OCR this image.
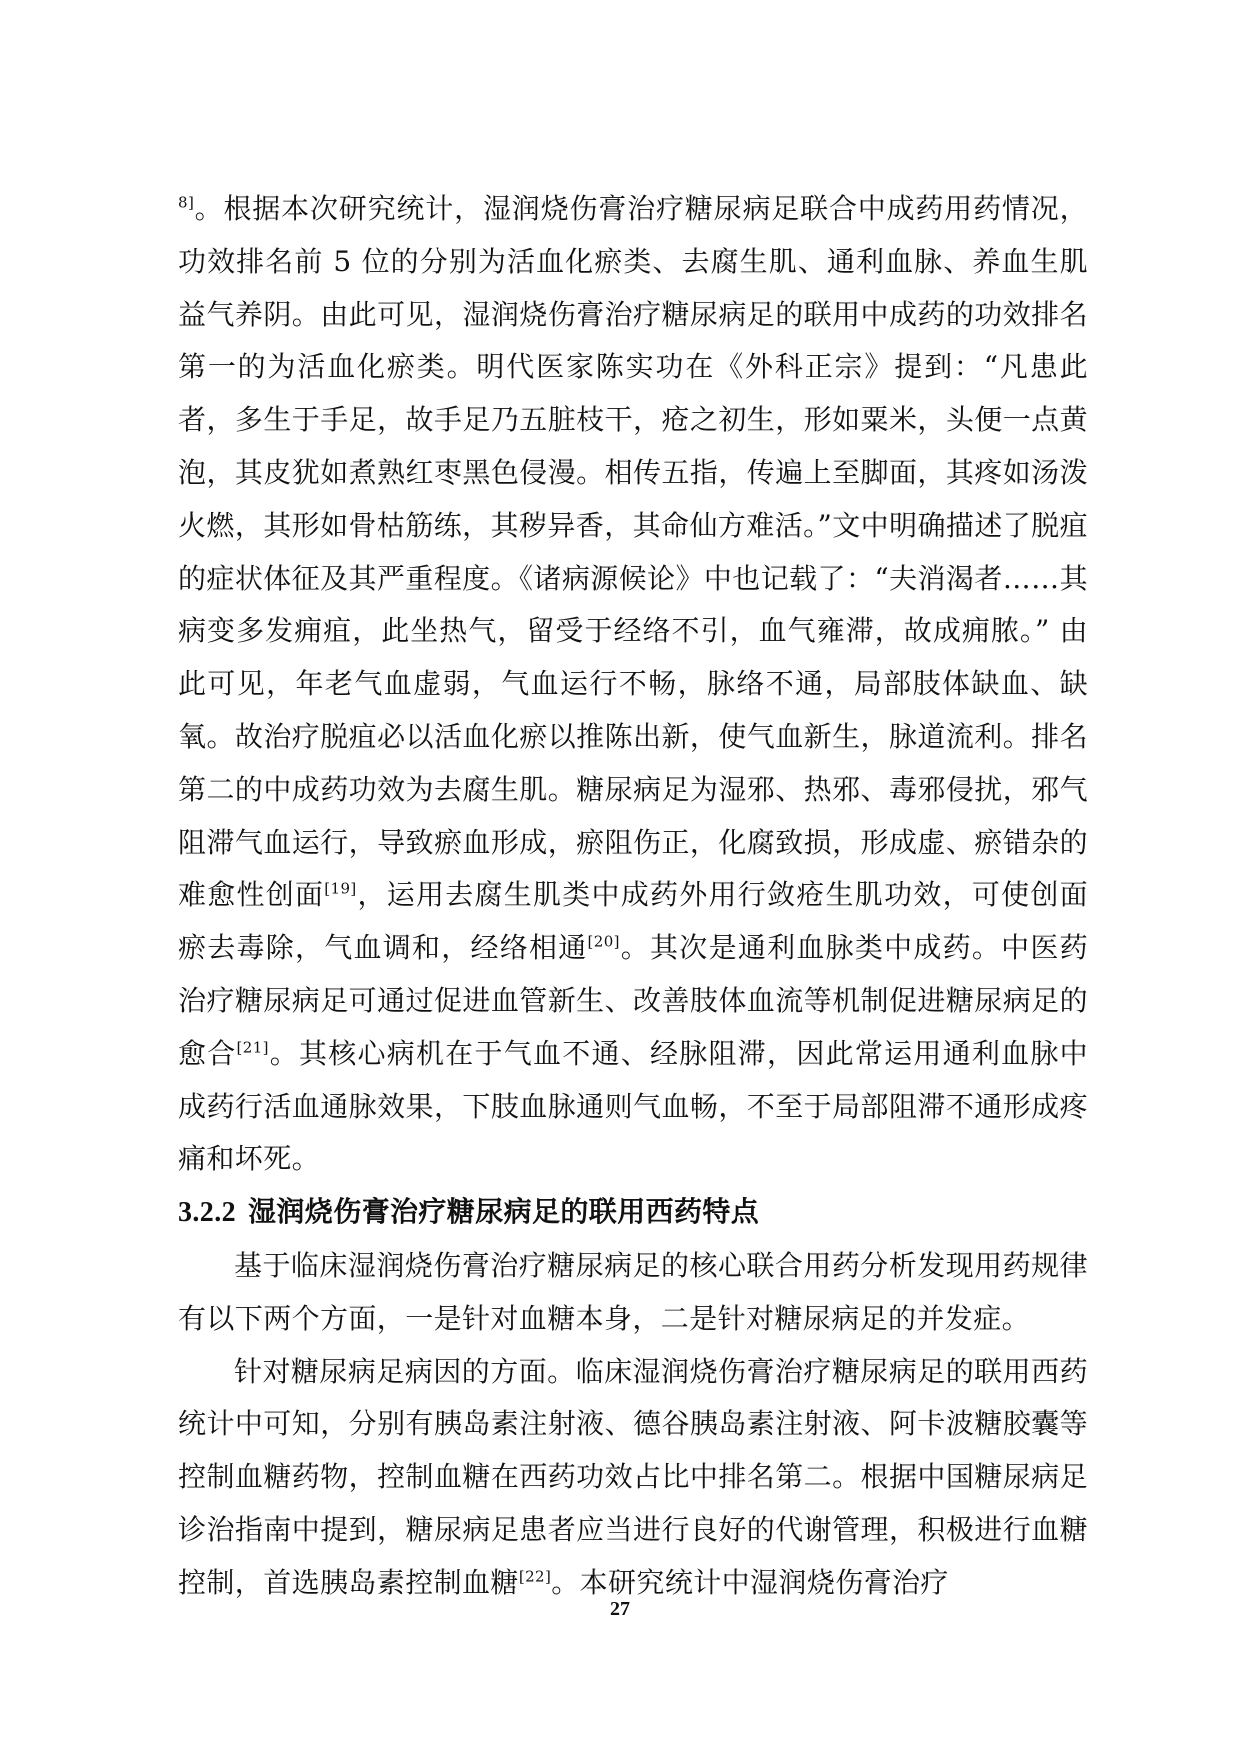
$^{8]}$。根据本次研究统计，湿润烧伤膏治疗糖尿病足联合中成药用药情况，功效排名前 5 位的分别为活血化瘀类、去腐生肌、通利血脉、养血生肌益气养阴。由此可见，湿润烧伤膏治疗糖尿病足的联用中成药的功效排名第一的为活血化瘀类。明代医家陈实功在《外科正宗》提到：“凡患此者，多生于手足，故手足乃五脏枝干，疮之初生，形如粟米，头便一点黄泡，其皮犹如煮熟红枣黑色侵漫。相传五指，传遍上至脚面，其疼如汤泼火燃，其形如骨枯筋练，其秽异香，其命仙方难活。”文中明确描述了脱疽的症状体征及其严重程度。《诸病源候论》中也记载了：“夫消渴者……其病变多发痈疽，此坐热气，留受于经络不引，血气雍滞，故成痈脓。” 由此可见，年老气血虚弱，气血运行不畅，脉络不通，局部肢体缺血、缺氧。故治疗脱疽必以活血化瘀以推陈出新，使气血新生，脉道流利。排名第二的中成药功效为去腐生肌。糖尿病足为湿邪、热邪、毒邪侵扰，邪气阻滞气血运行，导致瘀血形成，瘀阻伤正，化腐致损，形成虚、瘀错杂的难愈性创面[19]，运用去腐生肌类中成药外用行敛疮生肌功效，可使创面瘀去毒除，气血调和，经络相通[20]。其次是通利血脉类中成药。中医药治疗糖尿病足可通过促进血管新生、改善肢体血流等机制促进糖尿病足的愈合[21]。其核心病机在于气血不通、经脉阻滞，因此常运用通利血脉中成药行活血通脉效果，下肢血脉通则气血畅，不至于局部阻滞不通形成疼痛和坏死。

3.2.2 湿润烧伤膏治疗糖尿病足的联用西药特点

基于临床湿润烧伤膏治疗糖尿病足的核心联合用药分析发现用药规律有以下两个方面，一是针对血糖本身，二是针对糖尿病足的并发症。

针对糖尿病足病因的方面。临床湿润烧伤膏治疗糖尿病足的联用西药统计中可知，分别有胰岛素注射液、德谷胰岛素注射液、阿卡波糖胶囊等控制血糖药物，控制血糖在西药功效占比中排名第二。根据中国糖尿病足诊治指南中提到，糖尿病足患者应当进行良好的代谢管理，积极进行血糖控制，首选胰岛素控制血糖[22]。本研究统计中湿润烧伤膏治疗

27
